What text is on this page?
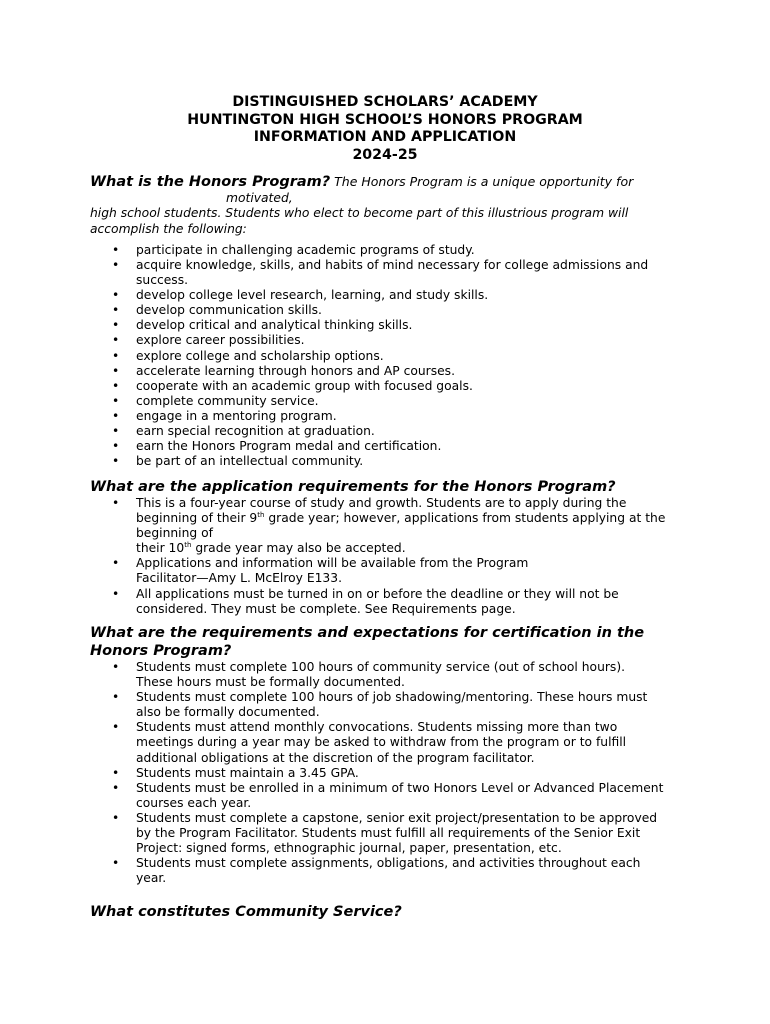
DISTINGUISHED SCHOLARS’ ACADEMY
HUNTINGTON HIGH SCHOOL’S HONORS PROGRAM
INFORMATION AND APPLICATION
2024-25
What is the Honors Program? The Honors Program is a unique opportunity for
motivated,
high school students. Students who elect to become part of this illustrious program will
accomplish the following:
• participate in challenging academic programs of study.
• acquire knowledge, skills, and habits of mind necessary for college admissions and
success.
• develop college level research, learning, and study skills.
• develop communication skills.
• develop critical and analytical thinking skills.
• explore career possibilities.
• explore college and scholarship options.
• accelerate learning through honors and AP courses.
• cooperate with an academic group with focused goals.
• complete community service.
• engage in a mentoring program.
• earn special recognition at graduation.
• earn the Honors Program medal and certification.
• be part of an intellectual community.
What are the application requirements for the Honors Program?
• This is a four-year course of study and growth. Students are to apply during the
beginning of their 9th grade year; however, applications from students applying at the
beginning of
their 10th grade year may also be accepted.
• Applications and information will be available from the Program
Facilitator—Amy L. McElroy E133.
• All applications must be turned in on or before the deadline or they will not be
considered. They must be complete. See Requirements page.
What are the requirements and expectations for certification in the
Honors Program?
• Students must complete 100 hours of community service (out of school hours).
These hours must be formally documented.
• Students must complete 100 hours of job shadowing/mentoring. These hours must
also be formally documented.
• Students must attend monthly convocations. Students missing more than two
meetings during a year may be asked to withdraw from the program or to fulfill
additional obligations at the discretion of the program facilitator.
• Students must maintain a 3.45 GPA.
• Students must be enrolled in a minimum of two Honors Level or Advanced Placement
courses each year.
• Students must complete a capstone, senior exit project/presentation to be approved
by the Program Facilitator. Students must fulfill all requirements of the Senior Exit
Project: signed forms, ethnographic journal, paper, presentation, etc.
• Students must complete assignments, obligations, and activities throughout each
year.
What constitutes Community Service?
